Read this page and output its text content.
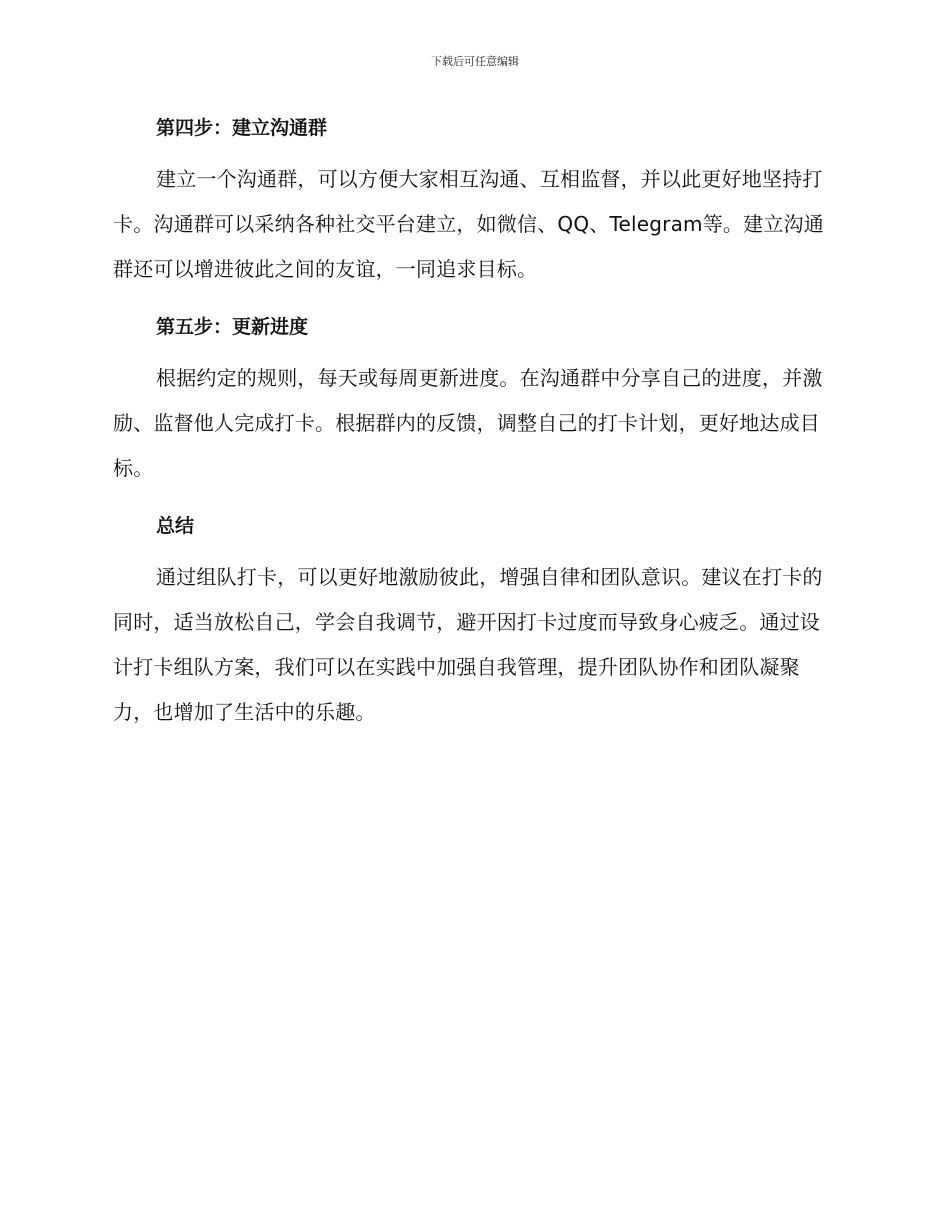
下载后可任意编辑
第四步：建立沟通群

建立一个沟通群，可以方便大家相互沟通、互相监督，并以此更好地坚持打卡。沟通群可以采纳各种社交平台建立，如微信、QQ、Telegram等。建立沟通群还可以增进彼此之间的友谊，一同追求目标。

第五步：更新进度

根据约定的规则，每天或每周更新进度。在沟通群中分享自己的进度，并激励、监督他人完成打卡。根据群内的反馈，调整自己的打卡计划，更好地达成目标。

总结

通过组队打卡，可以更好地激励彼此，增强自律和团队意识。建议在打卡的同时，适当放松自己，学会自我调节，避开因打卡过度而导致身心疲乏。通过设计打卡组队方案，我们可以在实践中加强自我管理，提升团队协作和团队凝聚力，也增加了生活中的乐趣。
